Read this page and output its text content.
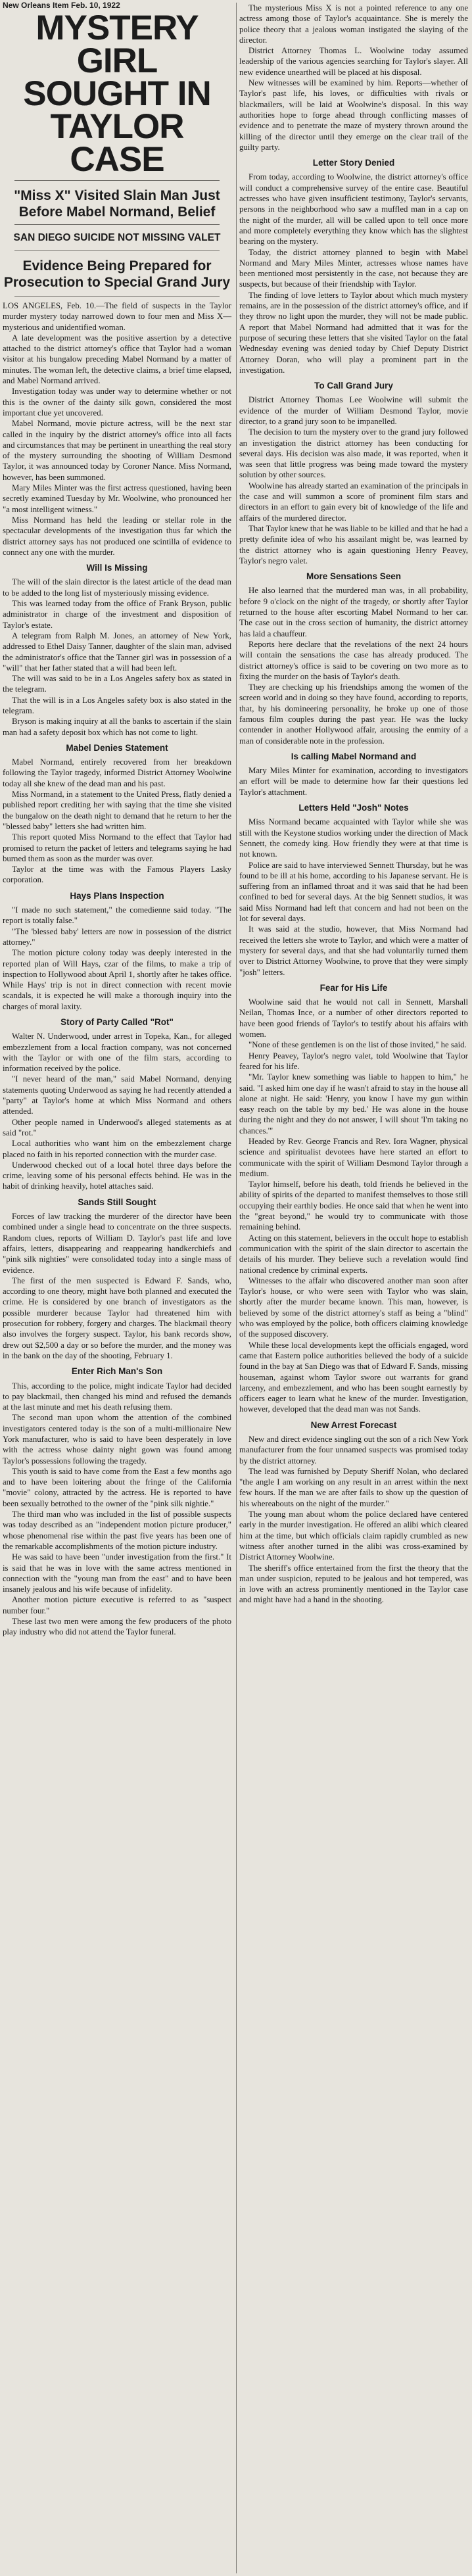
New Orleans Item Feb. 10, 1922
MYSTERY GIRL SOUGHT IN TAYLOR CASE
"Miss X" Visited Slain Man Just Before Mabel Normand, Belief
SAN DIEGO SUICIDE NOT MISSING VALET
Evidence Being Prepared for Prosecution to Special Grand Jury

LOS ANGELES, Feb. 10.—The field of suspects in the Taylor murder mystery today narrowed down to four men and Miss X—mysterious and unidentified woman.

A late development was the positive assertion by a detective attached to the district attorney's office that Taylor had a woman visitor at his bungalow preceding Mabel Normand by a matter of minutes. The woman left, the detective claims, a brief time elapsed, and Mabel Normand arrived.

Investigation today was under way to determine whether or not this is the owner of the dainty silk gown, considered the most important clue yet uncovered.

Mabel Normand, movie picture actress, will be the next star called in the inquiry by the district attorney's office into all facts and circumstances that may be pertinent in unearthing the real story of the mystery surrounding the shooting of William Desmond Taylor, it was announced today by Coroner Nance. Miss Normand, however, has been summoned.

Mary Miles Minter was the first actress questioned, having been secretly examined Tuesday by Mr. Woolwine, who pronounced her "a most intelligent witness."

Miss Normand has held the leading or stellar role in the spectacular developments of the investigation thus far which the district attorney says has not produced one scintilla of evidence to connect any one with the murder.

Will Is Missing

The will of the slain director is the latest article of the dead man to be added to the long list of mysteriously missing evidence.

This was learned today from the office of Frank Bryson, public administrator in charge of the investment and disposition of Taylor's estate.

A telegram from Ralph M. Jones, an attorney of New York, addressed to Ethel Daisy Tanner, daughter of the slain man, advised the administrator's office that the Tanner girl was in possession of a "will" that her father stated that a will had been left.

The will was said to be in a Los Angeles safety box as stated in the telegram.

That the will is in a Los Angeles safety box is also stated in the telegram.

Bryson is making inquiry at all the banks to ascertain if the slain man had a safety deposit box which has not come to light.

Mabel Denies Statement

Mabel Normand, entirely recovered from her breakdown following the Taylor tragedy, informed District Attorney Woolwine today all she knew of the dead man and his past.

Miss Normand, in a statement to the United Press, flatly denied a published report crediting her with saying that the time she visited the bungalow on the death night to demand that he return to her the "blessed baby" letters she had written him.

This report quoted Miss Normand to the effect that Taylor had promised to return the packet of letters and telegrams saying he had burned them as soon as the murder was over.

Taylor at the time was with the Famous Players Lasky corporation.

Hays Plans Inspection

"I made no such statement," the comedienne said today. "The report is totally false."

"The 'blessed baby' letters are now in possession of the district attorney."

The motion picture colony today was deeply interested in the reported plan of Will Hays, czar of the films, to make a trip of inspection to Hollywood about April 1, shortly after he takes office. While Hays' trip is not in direct connection with recent movie scandals, it is expected he will make a thorough inquiry into the charges of moral laxity.

Story of Party Called "Rot"

Walter N. Underwood, under arrest in Topeka, Kan., for alleged embezzlement from a local fraction company, was not concerned with the Taylor or with one of the film stars, according to information received by the police.

"I never heard of the man," said Mabel Normand, denying statements quoting Underwood as saying he had recently attended a "party" at Taylor's home at which Miss Normand and others attended.

Other people named in Underwood's alleged statements as at said "rot."

Local authorities who want him on the embezzlement charge placed no faith in his reported connection with the murder case.

Underwood checked out of a local hotel three days before the crime, leaving some of his personal effects behind. He was in the habit of drinking heavily, hotel attaches said.

Sands Still Sought

Forces of law tracking the murderer of the director have been combined under a single head to concentrate on the three suspects. Random clues, reports of William D. Taylor's past life and love affairs, letters, disappearing and reappearing handkerchiefs and "pink silk nighties" were consolidated today into a single mass of evidence.

The first of the men suspected is Edward F. Sands, who, according to one theory, might have both planned and executed the crime. He is considered by one branch of investigators as the possible murderer because Taylor had threatened him with prosecution for robbery, forgery and charges. The blackmail theory also involves the forgery suspect. Taylor, his bank records show, drew out $2,500 a day or so before the murder, and the money was in the bank on the day of the shooting, February 1.

Enter Rich Man's Son

This, according to the police, might indicate Taylor had decided to pay blackmail, then changed his mind and refused the demands at the last minute and met his death refusing them.

The second man upon whom the attention of the combined investigators centered today is the son of a multi-millionaire New York manufacturer, who is said to have been desperately in love with the actress whose dainty night gown was found among Taylor's possessions following the tragedy.

This youth is said to have come from the East a few months ago and to have been loitering about the fringe of the California "movie" colony, attracted by the actress. He is reported to have been sexually betrothed to the owner of the "pink silk nightie."

The third man who was included in the list of possible suspects was today described as an "independent motion picture producer," whose phenomenal rise within the past five years has been one of the remarkable accomplishments of the motion picture industry.

He was said to have been "under investigation from the first." It is said that he was in love with the same actress mentioned in connection with the "young man from the east" and to have been insanely jealous and his wife because of infidelity.

Another motion picture executive is referred to as "suspect number four."

These last two men were among the few producers of the photo play industry who did not attend the Taylor funeral.

The mysterious Miss X is not a pointed reference to any one actress among those of Taylor's acquaintance. She is merely the police theory that a jealous woman instigated the slaying of the director.

District Attorney Thomas L. Woolwine today assumed leadership of the various agencies searching for Taylor's slayer. All new evidence unearthed will be placed at his disposal.

New witnesses will be examined by him. Reports—whether of Taylor's past life, his loves, or difficulties with rivals or blackmailers, will be laid at Woolwine's disposal. In this way authorities hope to forge ahead through conflicting masses of evidence and to penetrate the maze of mystery thrown around the killing of the director until they emerge on the clear trail of the guilty party.

Letter Story Denied

From today, according to Woolwine, the district attorney's office will conduct a comprehensive survey of the entire case. Beautiful actresses who have given insufficient testimony, Taylor's servants, persons in the neighborhood who saw a muffled man in a cap on the night of the murder, all will be called upon to tell once more and more completely everything they know which has the slightest bearing on the mystery.

Today, the district attorney planned to begin with Mabel Normand and Mary Miles Minter, actresses whose names have been mentioned most persistently in the case, not because they are suspects, but because of their friendship with Taylor.

The finding of love letters to Taylor about which much mystery remains, are in the possession of the district attorney's office, and if they throw no light upon the murder, they will not be made public. A report that Mabel Normand had admitted that it was for the purpose of securing these letters that she visited Taylor on the fatal Wednesday evening was denied today by Chief Deputy District Attorney Doran, who will play a prominent part in the investigation.

To Call Grand Jury

District Attorney Thomas Lee Woolwine will submit the evidence of the murder of William Desmond Taylor, movie director, to a grand jury soon to be impanelled.

The decision to turn the mystery over to the grand jury followed an investigation the district attorney has been conducting for several days. His decision was also made, it was reported, when it was seen that little progress was being made toward the mystery solution by other sources.

Woolwine has already started an examination of the principals in the case and will summon a score of prominent film stars and directors in an effort to gain every bit of knowledge of the life and affairs of the murdered director.

That Taylor knew that he was liable to be killed and that he had a pretty definite idea of who his assailant might be, was learned by the district attorney who is again questioning Henry Peavey, Taylor's negro valet.

More Sensations Seen

He also learned that the murdered man was, in all probability, before 9 o'clock on the night of the tragedy, or shortly after Taylor returned to the house after escorting Mabel Normand to her car. The case out in the cross section of humanity, the district attorney has laid a chauffeur.

Reports here declare that the revelations of the next 24 hours will contain the sensations the case has already produced. The district attorney's office is said to be covering on two more as to fixing the murder on the basis of Taylor's death.

They are checking up his friendships among the women of the screen world and in doing so they have found, according to reports, that, by his domineering personality, he broke up one of those famous film couples during the past year. He was the lucky contender in another Hollywood affair, arousing the enmity of a man of considerable note in the profession.

Is calling Mabel Normand and

Mary Miles Minter for examination, according to investigators an effort will be made to determine how far their questions led Taylor's attachment.

Letters Held "Josh" Notes

Miss Normand became acquainted with Taylor while she was still with the Keystone studios working under the direction of Mack Sennett, the comedy king. How friendly they were at that time is not known.

Police are said to have interviewed Sennett Thursday, but he was found to be ill at his home, according to his Japanese servant. He is suffering from an inflamed throat and it was said that he had been confined to bed for several days. At the big Sennett studios, it was said Miss Normand had left that concern and had not been on the lot for several days.

It was said at the studio, however, that Miss Normand had received the letters she wrote to Taylor, and which were a matter of mystery for several days, and that she had voluntarily turned them over to District Attorney Woolwine, to prove that they were simply "josh" letters.

Fear for His Life

Woolwine said that he would not call in Sennett, Marshall Neilan, Thomas Ince, or a number of other directors reported to have been good friends of Taylor's to testify about his affairs with women.

"None of these gentlemen is on the list of those invited," he said.

Henry Peavey, Taylor's negro valet, told Woolwine that Taylor feared for his life.

"Mr. Taylor knew something was liable to happen to him," he said. "I asked him one day if he wasn't afraid to stay in the house all alone at night. He said: 'Henry, you know I have my gun within easy reach on the table by my bed.' He was alone in the house during the night and they do not answer, I will shout 'I'm taking no chances.'"

Headed by Rev. George Francis and Rev. Iora Wagner, physical science and spiritualist devotees have here started an effort to communicate with the spirit of William Desmond Taylor through a medium.

Taylor himself, before his death, told friends he believed in the ability of spirits of the departed to manifest themselves to those still occupying their earthly bodies. He once said that when he went into the "great beyond," he would try to communicate with those remaining behind.

Acting on this statement, believers in the occult hope to establish communication with the spirit of the slain director to ascertain the details of his murder. They believe such a revelation would find national credence by criminal experts.

Witnesses to the affair who discovered another man soon after Taylor's house, or who were seen with Taylor who was slain, shortly after the murder became known. This man, however, is believed by some of the district attorney's staff as being a "blind" who was employed by the police, both officers claiming knowledge of the supposed discovery.

While these local developments kept the officials engaged, word came that Eastern police authorities believed the body of a suicide found in the bay at San Diego was that of Edward F. Sands, missing houseman, against whom Taylor swore out warrants for grand larceny, and embezzlement, and who has been sought earnestly by officers eager to learn what he knew of the murder. Investigation, however, developed that the dead man was not Sands.

New Arrest Forecast

New and direct evidence singling out the son of a rich New York manufacturer from the four unnamed suspects was promised today by the district attorney.

The lead was furnished by Deputy Sheriff Nolan, who declared "the angle I am working on any result in an arrest within the next few hours. If the man we are after fails to show up the question of his whereabouts on the night of the murder."

The young man about whom the police declared have centered early in the murder investigation. He offered an alibi which cleared him at the time, but which officials claim rapidly crumbled as new witness after another turned in the alibi was cross-examined by District Attorney Woolwine.

The sheriff's office entertained from the first the theory that the man under suspicion, reputed to be jealous and hot tempered, was in love with an actress prominently mentioned in the Taylor case and might have had a hand in the shooting.
